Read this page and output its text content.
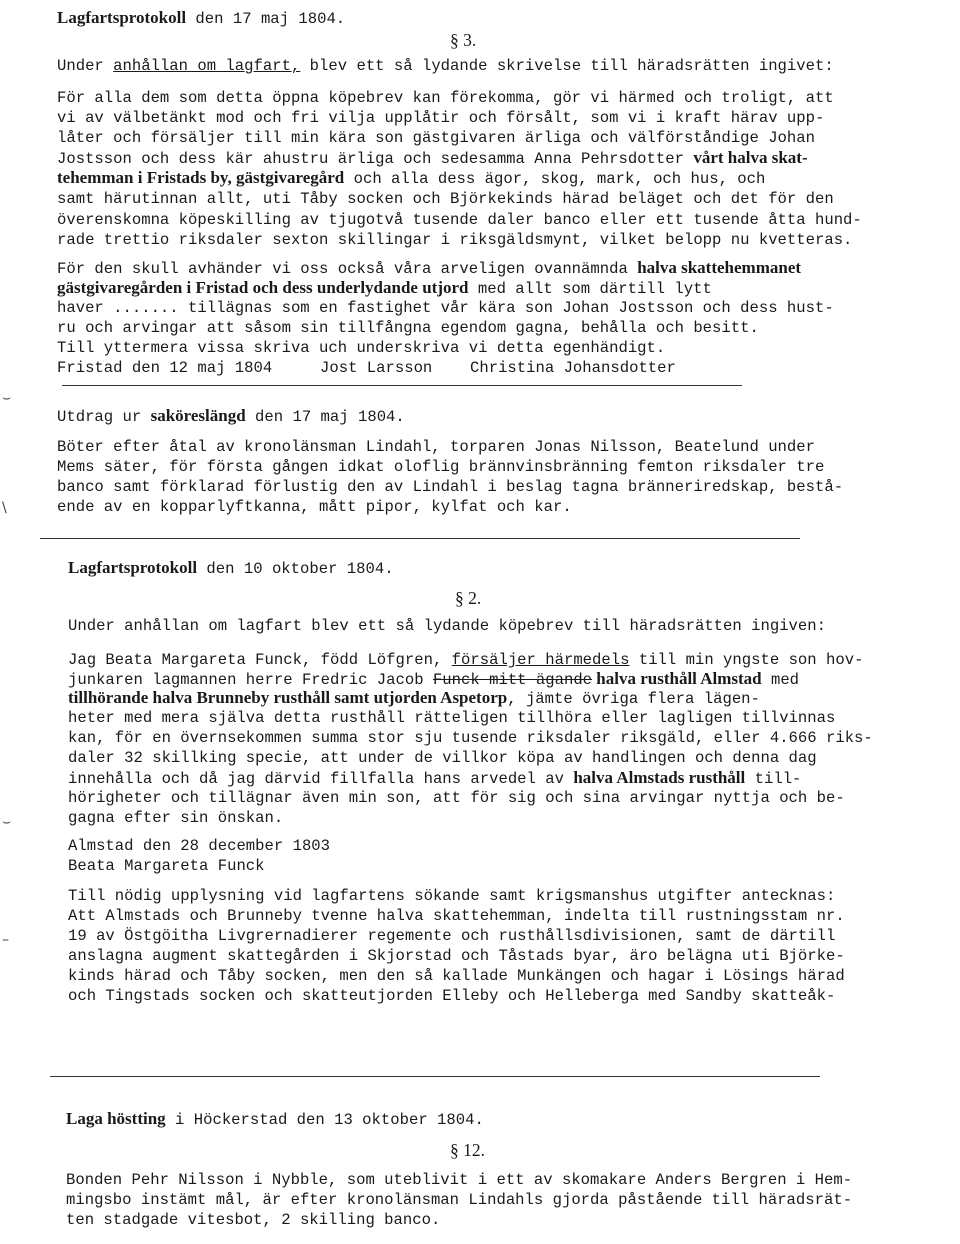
Lagfartsprotokoll den 17 maj 1804.
§ 3.
Under anhållan om lagfart, blev ett så lydande skrivelse till häradsrätten ingivet:
För alla dem som detta öppna köpebrev kan förekomma, gör vi härmed och troligt, att
vi av välbetänkt mod och fri vilja upplåtir och försålt, som vi i kraft härav upp-
låter och försäljer till min kära son gästgivaren ärliga och välförståndige Johan
Jostsson och dess kär ahustru ärliga och sedesamma Anna Pehrsdotter vårt halva skat-
tehemman i Fristads by, gästgivaregård och alla dess ägor, skog, mark, och hus, och
samt härutinnan allt, uti Tåby socken och Björkekinds härad beläget och det för den
överenskomna köpeskilling av tjugotvå tusende daler banco eller ett tusende åtta hund-
rade trettio riksdaler sexton skillingar i riksgäldsmynt, vilket belopp nu kvetteras.
För den skull avhänder vi oss också våra arveligen ovannämnda halva skattehemmanet
gästgivaregården i Fristad och dess underlydande utjord med allt som därtill lytt
haver ....... tillägnas som en fastighet vår kära son Johan Jostsson och dess hust-
ru och arvingar att såsom sin tillfångna egendom gagna, behålla och besitt.
Till yttermera vissa skriva uch underskriva vi detta egenhändigt.
Fristad den 12 maj 1804	Jost Larsson Christina Johansdotter
⌣
Utdrag ur saköreslängd den 17 maj 1804.
Böter efter åtal av kronolänsman Lindahl, torparen Jonas Nilsson, Beatelund under
Mems säter, för första gången idkat oloflig brännvinsbränning femton riksdaler tre
banco samt förklarad förlustig den av Lindahl i beslag tagna bränneriredskap, bestå-
ende av en kopparlyftkanna, mått pipor, kylfat och kar.
\
Lagfartsprotokoll den 10 oktober 1804.
§ 2.
Under anhållan om lagfart blev ett så lydande köpebrev till häradsrätten ingiven:
Jag Beata Margareta Funck, född Löfgren, försäljer härmedels till min yngste son hov-
junkaren lagmannen herre Fredric Jacob Funck mitt ägande halva rusthåll Almstad med
tillhörande halva Brunneby rusthåll samt utjorden Aspetorp, jämte övriga flera lägen-
heter med mera själva detta rusthåll rätteligen tillhöra eller lagligen tillvinnas
kan, för en övernsekommen summa stor sju tusende riksdaler riksgäld, eller 4.666 riks-
daler 32 skillking specie, att under de villkor köpa av handlingen och denna dag
innehålla och då jag därvid fillfalla hans arvedel av halva Almstads rusthåll till-
hörigheter och tillägnar även min son, att för sig och sina arvingar nyttja och be-
gagna efter sin önskan.
⌣
Almstad den 28 december 1803
Beata Margareta Funck
Till nödig upplysning vid lagfartens sökande samt krigsmanshus utgifter antecknas:
Att Almstads och Brunneby tvenne halva skattehemman, indelta till rustningsstam nr.
19 av Östgöitha Livgrernadierer regemente och rusthållsdivisionen, samt de därtill
anslagna augment skattegården i Skjorstad och Tåstads byar, äro belägna uti Björke-
kinds härad och Tåby socken, men den så kallade Munkängen och hagar i Lösings härad
och Tingstads socken och skatteutjorden Elleby och Helleberga med Sandby skatteåk-
–
Laga höstting i Höckerstad den 13 oktober 1804.
§ 12.
Bonden Pehr Nilsson i Nybble, som uteblivit i ett av skomakare Anders Bergren i Hem-
mingsbo instämt mål, är efter kronolänsman Lindahls gjorda påstående till häradsrät-
ten stadgade vitesbot, 2 skilling banco.
